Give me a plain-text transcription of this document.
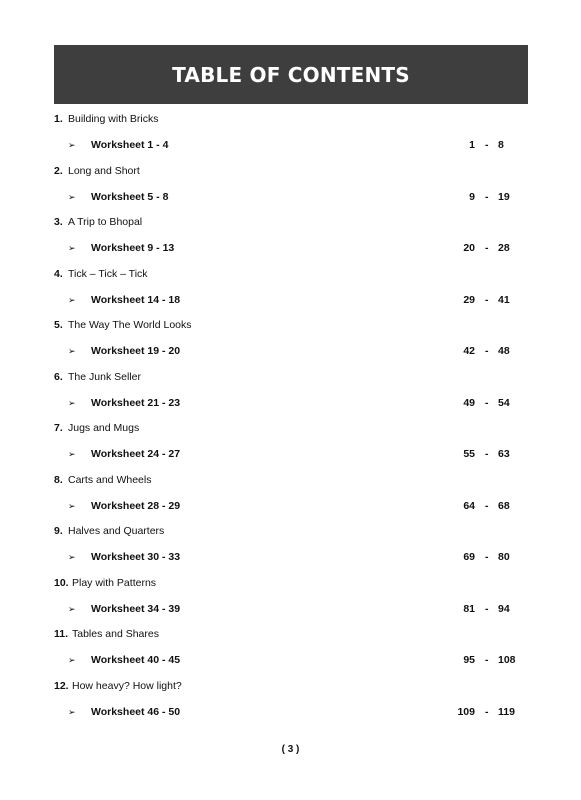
TABLE OF CONTENTS
1. Building with Bricks
➢ Worksheet 1 - 4	1 - 8
2. Long and Short
➢ Worksheet 5 - 8	9 - 19
3. A Trip to Bhopal
➢ Worksheet 9 - 13	20 - 28
4. Tick – Tick – Tick
➢ Worksheet 14 - 18	29 - 41
5. The Way The World Looks
➢ Worksheet 19 - 20	42 - 48
6. The Junk Seller
➢ Worksheet 21 - 23	49 - 54
7. Jugs and Mugs
➢ Worksheet 24 - 27	55 - 63
8. Carts and Wheels
➢ Worksheet 28 - 29	64 - 68
9. Halves and Quarters
➢ Worksheet 30 - 33	69 - 80
10. Play with Patterns
➢ Worksheet 34 - 39	81 - 94
11. Tables and Shares
➢ Worksheet 40 - 45	95 - 108
12. How heavy? How light?
➢ Worksheet 46 - 50	109 - 119
( 3 )
